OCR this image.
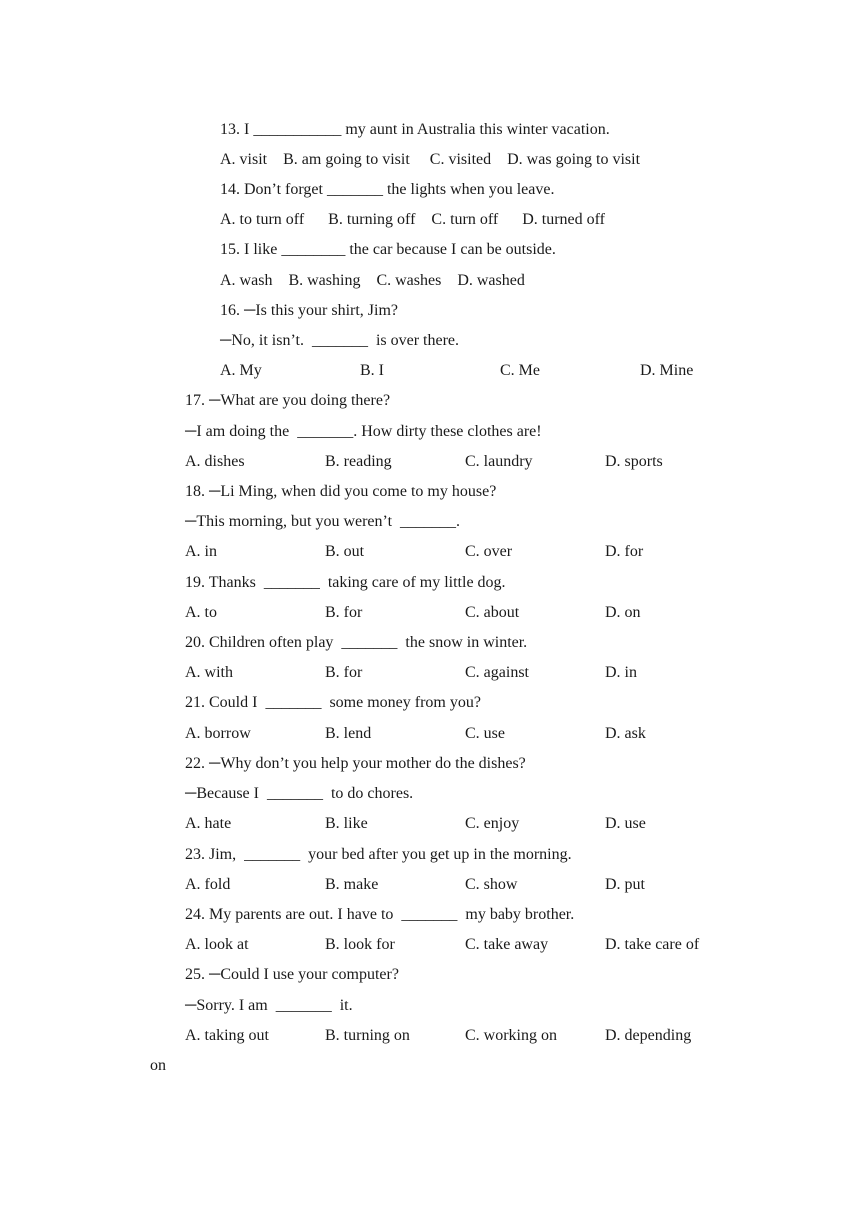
13. I ___________ my aunt in Australia this winter vacation.
A. visit    B. am going to visit     C. visited    D. was going to visit
14. Don’t forget _______ the lights when you leave.
A. to turn off      B. turning off    C. turn off      D. turned off
15. I like ________ the car because I can be outside.
A. wash    B. washing    C. washes    D. washed
16. ─Is this your shirt, Jim?
─No, it isn’t.  _______  is over there.
A. My	B. I	C. Me	D. Mine
17. ─What are you doing there?
─I am doing the  _______. How dirty these clothes are!
A. dishes	B. reading	C. laundry	D. sports
18. ─Li Ming, when did you come to my house?
─This morning, but you weren’t  _______.
A. in	B. out	C. over	D. for
19. Thanks  _______  taking care of my little dog.
A. to	B. for	C. about	D. on
20. Children often play  _______  the snow in winter.
A. with	B. for	C. against	D. in
21. Could I  _______  some money from you?
A. borrow	B. lend	C. use	D. ask
22. ─Why don’t you help your mother do the dishes?
─Because I  _______  to do chores.
A. hate	B. like	C. enjoy	D. use
23. Jim,  _______  your bed after you get up in the morning.
A. fold	B. make	C. show	D. put
24. My parents are out. I have to  _______  my baby brother.
A. look at	B. look for	C. take away	D. take care of
25. ─Could I use your computer?
─Sorry. I am  _______  it.
A. taking out	B. turning on	C. working on	D. depending
on
